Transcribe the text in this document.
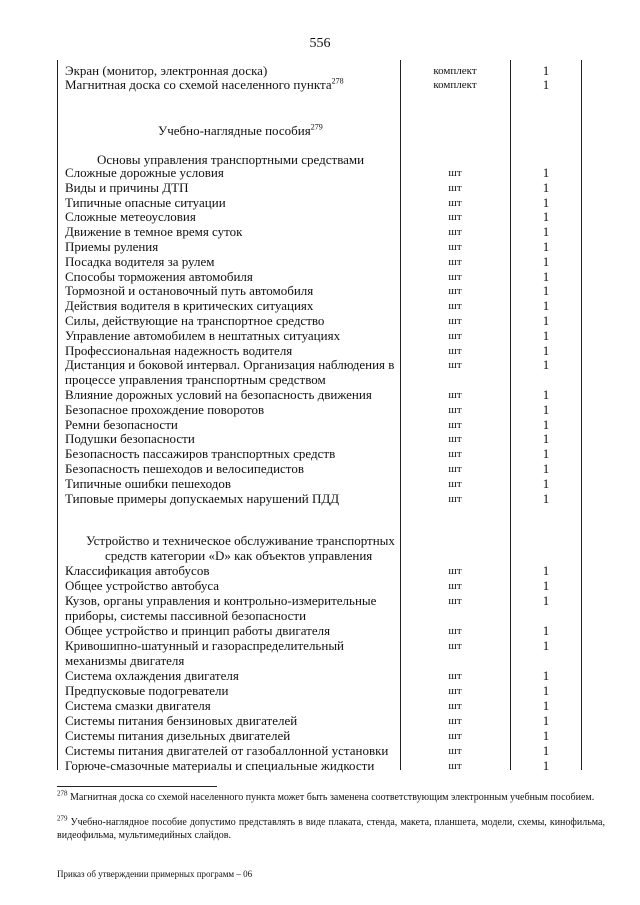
556
Экран (монитор, электронная доска)	комплект	1
Магнитная доска со схемой населенного пункта$^{278}$	комплект	1
Учебно-наглядные пособия$^{279}$
Основы управления транспортными средствами
Сложные дорожные условия	шт	1
Виды и причины ДТП	шт	1
Типичные опасные ситуации	шт	1
Сложные метеоусловия	шт	1
Движение в темное время суток	шт	1
Приемы руления	шт	1
Посадка водителя за рулем	шт	1
Способы торможения автомобиля	шт	1
Тормозной и остановочный путь автомобиля	шт	1
Действия водителя в критических ситуациях	шт	1
Силы, действующие на транспортное средство	шт	1
Управление автомобилем в нештатных ситуациях	шт	1
Профессиональная надежность водителя	шт	1
Дистанция и боковой интервал. Организация наблюдения в	шт	1
процессе управления транспортным средством
Влияние дорожных условий на безопасность движения	шт	1
Безопасное прохождение поворотов	шт	1
Ремни безопасности	шт	1
Подушки безопасности	шт	1
Безопасность пассажиров транспортных средств	шт	1
Безопасность пешеходов и велосипедистов	шт	1
Типичные ошибки пешеходов	шт	1
Типовые примеры допускаемых нарушений ПДД	шт	1
Устройство и техническое обслуживание транспортных
средств категории «D» как объектов управления
Классификация автобусов	шт	1
Общее устройство автобуса	шт	1
Кузов, органы управления и контрольно-измерительные	шт	1
приборы, системы пассивной безопасности
Общее устройство и принцип работы двигателя	шт	1
Кривошипно-шатунный и газораспределительный	шт	1
механизмы двигателя
Система охлаждения двигателя	шт	1
Предпусковые подогреватели	шт	1
Система смазки двигателя	шт	1
Системы питания бензиновых двигателей	шт	1
Системы питания дизельных двигателей	шт	1
Системы питания двигателей от газобаллонной установки	шт	1
Горюче-смазочные материалы и специальные жидкости	шт	1
$^{278}$ Магнитная доска со схемой населенного пункта может быть заменена соответствующим электронным учебным пособием.
$^{279}$ Учебно-наглядное пособие допустимо представлять в виде плаката, стенда, макета, планшета, модели, схемы, кинофильма, видеофильма, мультимедийных слайдов.
Приказ об утверждении примерных программ – 06
